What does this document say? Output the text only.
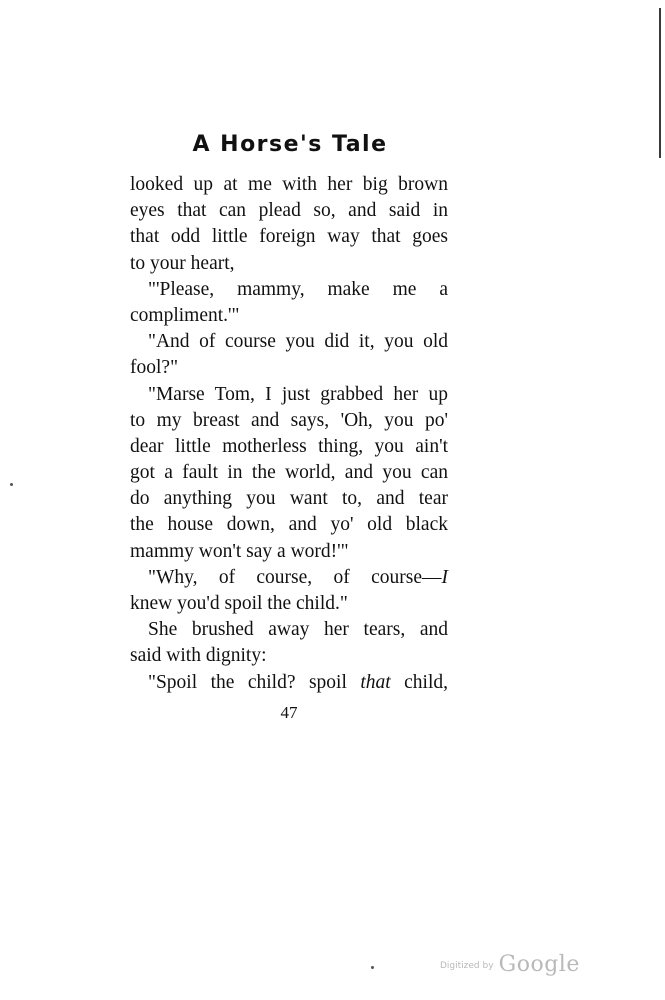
A Horse's Tale
looked up at me with her big brown
eyes that can plead so, and said in
that odd little foreign way that goes
to your heart,
"'Please, mammy, make me a
compliment.'"
"And of course you did it, you old
fool?"
"Marse Tom, I just grabbed her up
to my breast and says, 'Oh, you po'
dear little motherless thing, you ain't
got a fault in the world, and you can
do anything you want to, and tear
the house down, and yo' old black
mammy won't say a word!'"
"Why, of course, of course—I
knew you'd spoil the child."
She brushed away her tears, and
said with dignity:
"Spoil the child? spoil that child,

47

Digitized by Google
